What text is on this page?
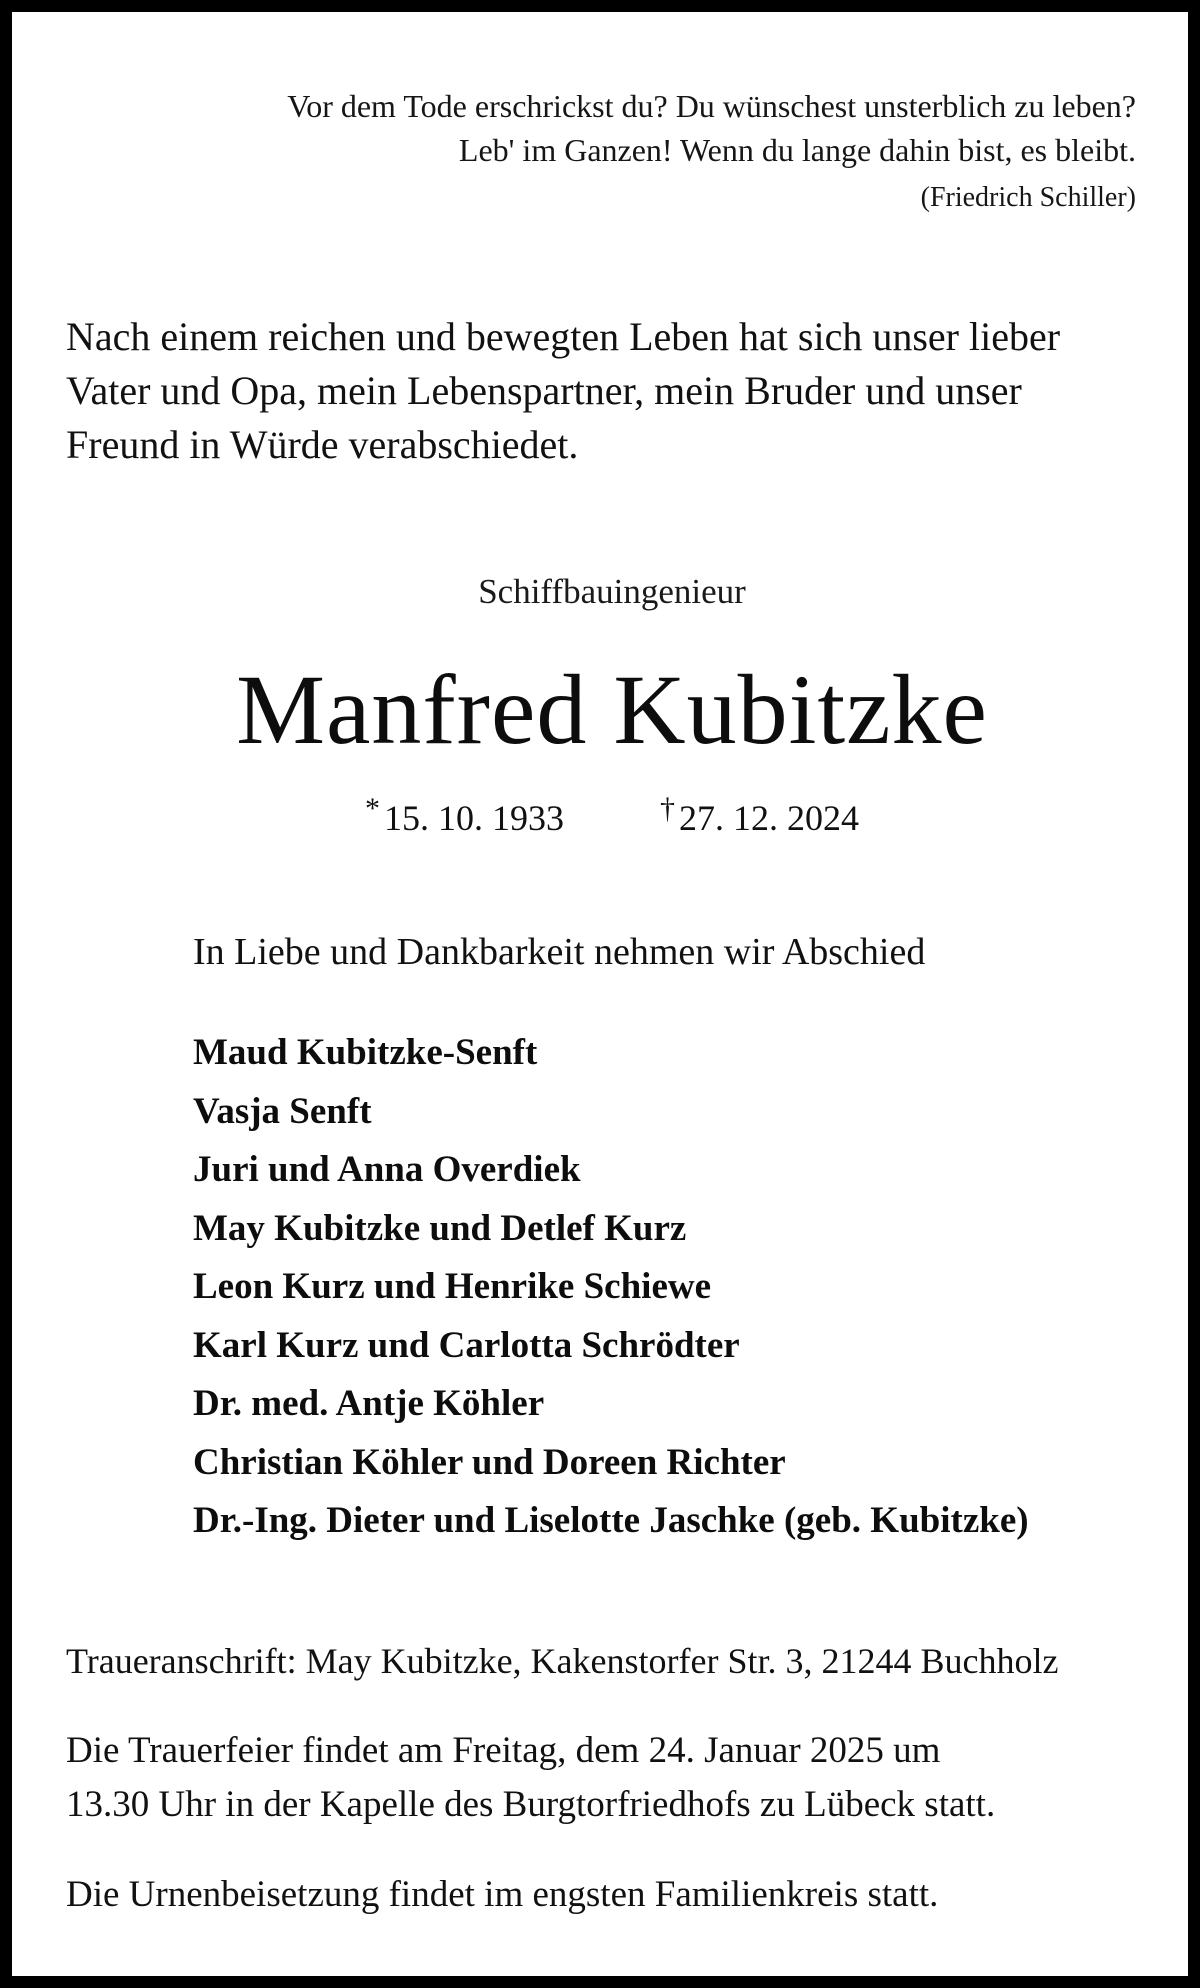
Vor dem Tode erschrickst du? Du wünschest unsterblich zu leben?
Leb' im Ganzen! Wenn du lange dahin bist, es bleibt.
(Friedrich Schiller)
Nach einem reichen und bewegten Leben hat sich unser lieber
Vater und Opa, mein Lebenspartner, mein Bruder und unser
Freund in Würde verabschiedet.
Schiffbauingenieur
Manfred Kubitzke
* 15. 10. 1933	† 27. 12. 2024
In Liebe und Dankbarkeit nehmen wir Abschied
Maud Kubitzke-Senft
Vasja Senft
Juri und Anna Overdiek
May Kubitzke und Detlef Kurz
Leon Kurz und Henrike Schiewe
Karl Kurz und Carlotta Schrödter
Dr. med. Antje Köhler
Christian Köhler und Doreen Richter
Dr.-Ing. Dieter und Liselotte Jaschke (geb. Kubitzke)
Traueranschrift: May Kubitzke, Kakenstorfer Str. 3, 21244 Buchholz
Die Trauerfeier findet am Freitag, dem 24. Januar 2025 um
13.30 Uhr in der Kapelle des Burgtorfriedhofs zu Lübeck statt.
Die Urnenbeisetzung findet im engsten Familienkreis statt.
